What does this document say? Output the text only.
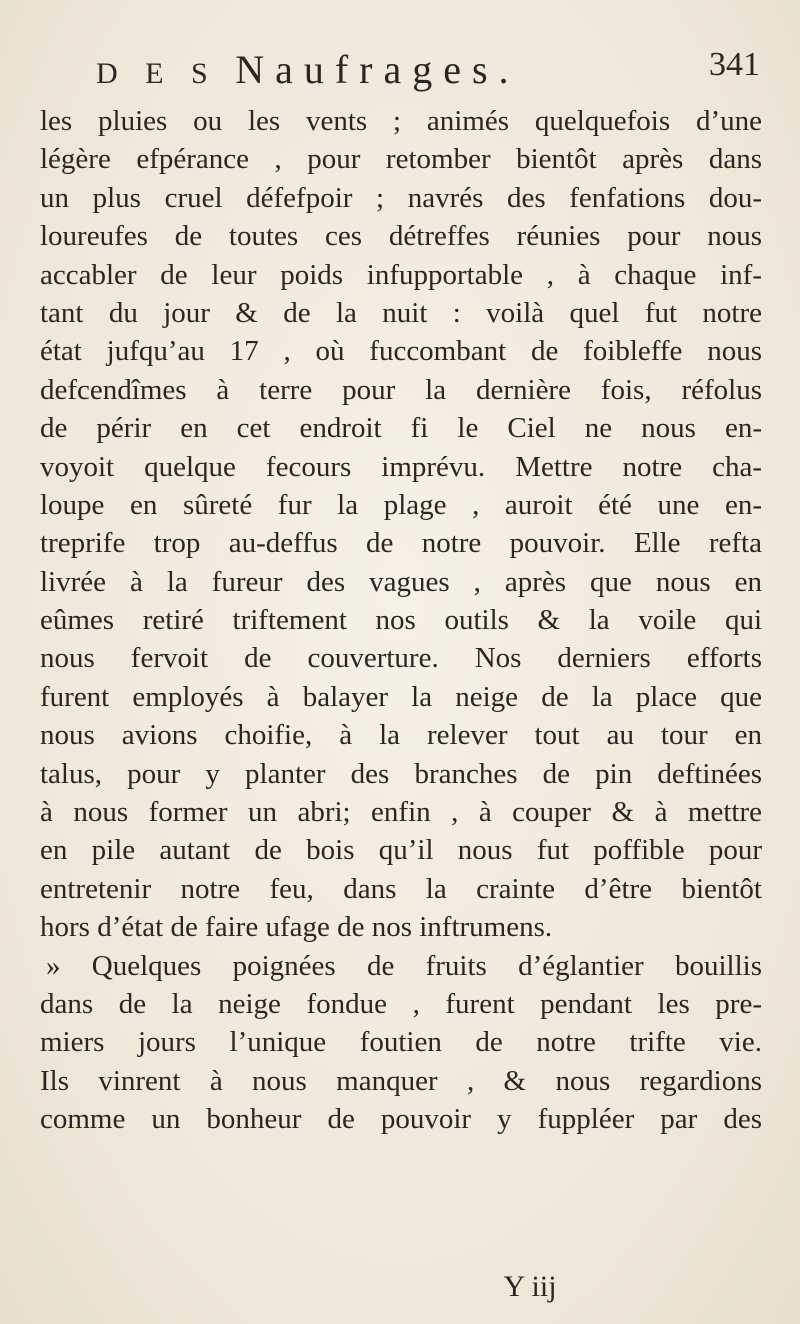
D E S Naufrages.	341
les pluies ou les vents ; animés quelquefois d’une
légère efpérance , pour retomber bientôt après dans
un plus cruel défefpoir ; navrés des fenfations dou-
loureufes de toutes ces détreffes réunies pour nous
accabler de leur poids infupportable , à chaque inf-
tant du jour & de la nuit : voilà quel fut notre
état jufqu’au 17 , où fuccombant de foibleffe nous
defcendîmes à terre pour la dernière fois, réfolus
de périr en cet endroit fi le Ciel ne nous en-
voyoit quelque fecours imprévu. Mettre notre cha-
loupe en sûreté fur la plage , auroit été une en-
treprife trop au-deffus de notre pouvoir. Elle refta
livrée à la fureur des vagues , après que nous en
eûmes retiré triftement nos outils & la voile qui
nous fervoit de couverture. Nos derniers efforts
furent employés à balayer la neige de la place que
nous avions choifie, à la relever tout au tour en
talus, pour y planter des branches de pin deftinées
à nous former un abri; enfin , à couper & à mettre
en pile autant de bois qu’il nous fut poffible pour
entretenir notre feu, dans la crainte d’être bientôt
hors d’état de faire ufage de nos inftrumens.
» Quelques poignées de fruits d’églantier bouillis
dans de la neige fondue , furent pendant les pre-
miers jours l’unique foutien de notre trifte vie.
Ils vinrent à nous manquer , & nous regardions
comme un bonheur de pouvoir y fuppléer par des
Y iij
